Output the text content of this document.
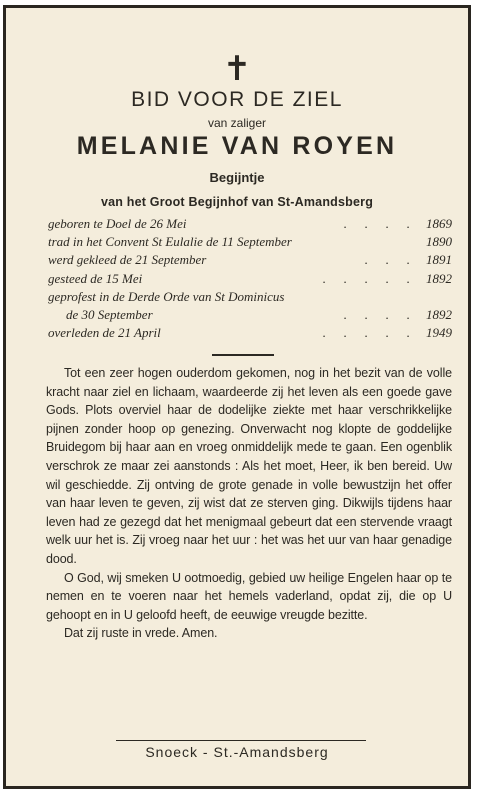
✝
BID VOOR DE ZIEL
van zaliger
MELANIE VAN ROYEN
Begijntje
van het Groot Begijnhof van St-Amandsberg
geboren te Doel de 26 Mei	.   .   .   . 1869
trad in het Convent St Eulalie de 11 September	1890
werd gekleed de 21 September	.   .   . 1891
gesteed de 15 Mei	.   .   .   .   . 1892
geprofest in de Derde Orde van St Dominicus
de 30 September	.   .   .   . 1892
overleden de 21 April	.   .   .   .   . 1949

Tot een zeer hogen ouderdom gekomen, nog in het bezit van de volle kracht naar ziel en lichaam, waardeerde zij het leven als een goede gave Gods. Plots overviel haar de dodelijke ziekte met haar verschrikkelijke pijnen zonder hoop op genezing. Onverwacht nog klopte de goddelijke Bruidegom bij haar aan en vroeg onmiddelijk mede te gaan. Een ogenblik verschrok ze maar zei aanstonds : Als het moet, Heer, ik ben bereid. Uw wil geschiedde. Zij ontving de grote genade in volle bewustzijn het offer van haar leven te geven, zij wist dat ze sterven ging. Dikwijls tijdens haar leven had ze gezegd dat het menigmaal gebeurt dat een stervende vraagt welk uur het is. Zij vroeg naar het uur : het was het uur van haar genadige dood.

O God, wij smeken U ootmoedig, gebied uw heilige Engelen haar op te nemen en te voeren naar het hemels vaderland, opdat zij, die op U gehoopt en in U geloofd heeft, de eeuwige vreugde bezitte.

Dat zij ruste in vrede. Amen.

Snoeck - St.-Amandsberg
